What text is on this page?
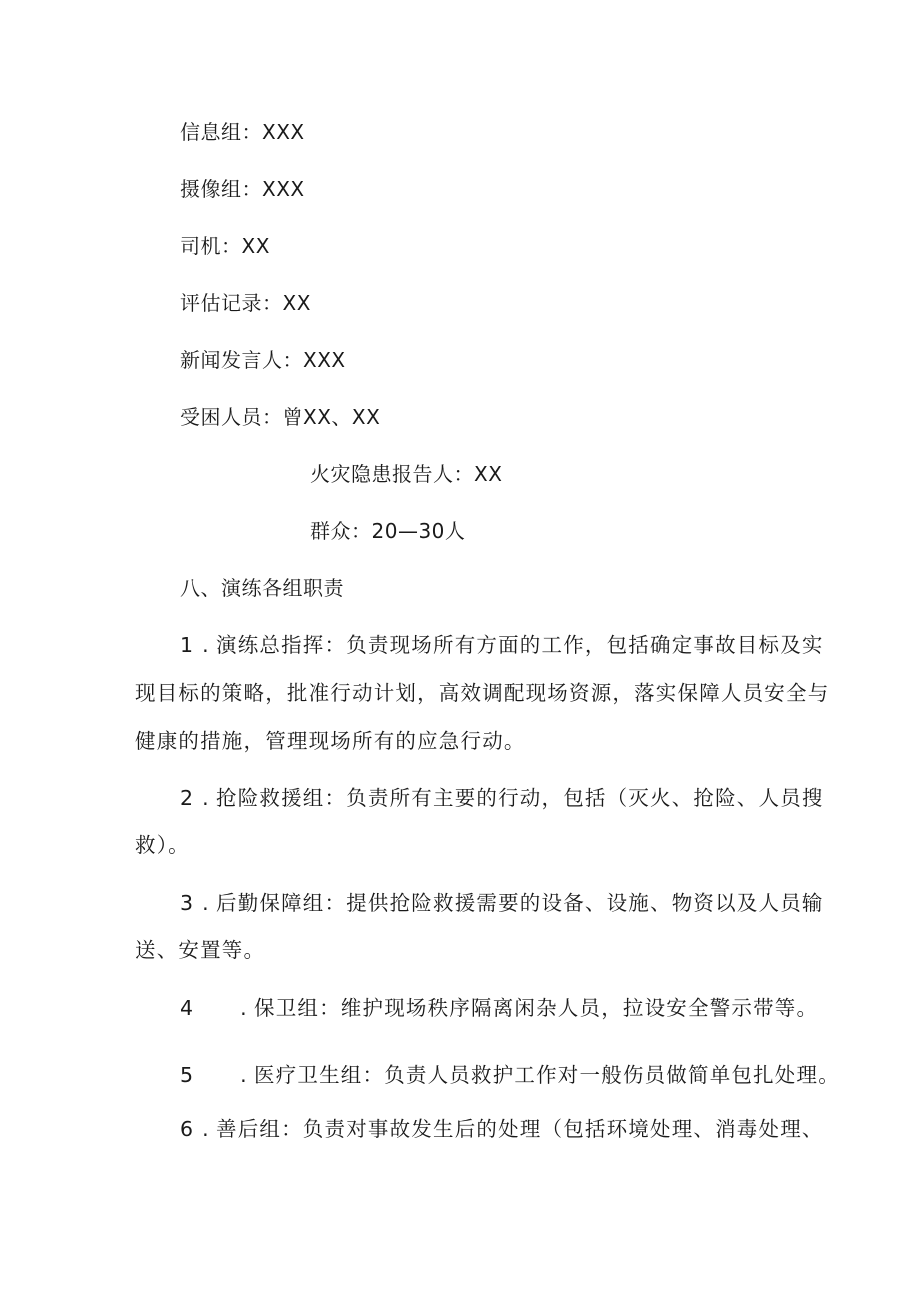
信息组：XXX
摄像组：XXX
司机：XX
评估记录：XX
新闻发言人：XXX
受困人员：曾XX、XX
火灾隐患报告人：XX
群众：20—30人
八、演练各组职责
1 . 演练总指挥：负责现场所有方面的工作，包括确定事故目标及实
现目标的策略，批准行动计划，高效调配现场资源，落实保障人员安全与
健康的措施，管理现场所有的应急行动。
2 . 抢险救援组：负责所有主要的行动，包括（灭火、抢险、人员搜
救）。
3 . 后勤保障组：提供抢险救援需要的设备、设施、物资以及人员输
送、安置等。
4 . 保卫组：维护现场秩序隔离闲杂人员，拉设安全警示带等。
5 . 医疗卫生组：负责人员救护工作对一般伤员做简单包扎处理。
6 . 善后组：负责对事故发生后的处理（包括环境处理、消毒处理、
